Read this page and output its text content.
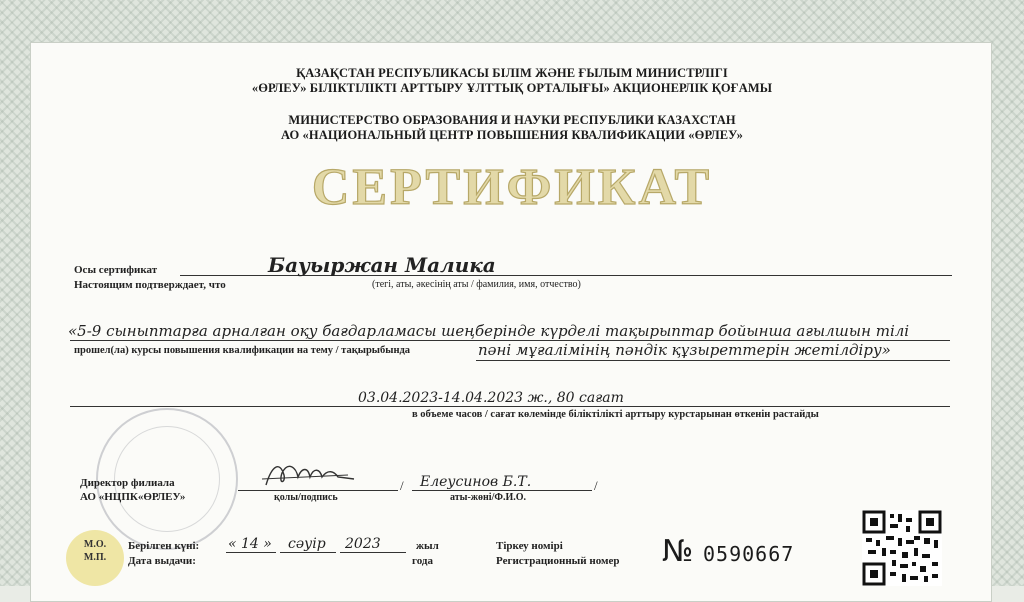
ҚАЗАҚСТАН РЕСПУБЛИКАСЫ БІЛІМ ЖӘНЕ ҒЫЛЫМ МИНИСТРЛІГІ
«ӨРЛЕУ» БІЛІКТІЛІКТІ АРТТЫРУ ҰЛТТЫҚ ОРТАЛЫҒЫ» АКЦИОНЕРЛІК ҚОҒАМЫ
МИНИСТЕРСТВО ОБРАЗОВАНИЯ И НАУКИ РЕСПУБЛИКИ КАЗАХСТАН
АО «НАЦИОНАЛЬНЫЙ ЦЕНТР ПОВЫШЕНИЯ КВАЛИФИКАЦИИ «ӨРЛЕУ»
СЕРТИФИКАТ
Осы сертификат	Бауыржан Малика
Настоящим подтверждает, что	(тегі, аты, әкесінің аты / фамилия, имя, отчество)
«5-9 сыныптарға арналған оқу бағдарламасы шеңберінде күрделі тақырыптар бойынша ағылшын тілі
прошел(ла) курсы повышения квалификации на тему / тақырыбында	пәні мұғалімінің пәндік құзыреттерін жетілдіру»
03.04.2023-14.04.2023 ж., 80 сағат
в объеме часов / сағат көлемінде біліктілікті арттыру курстарынан өткенін растайды
Директор филиала
АО «НЦПК«ӨРЛЕУ»
/
қолы/подпись
Елеусинов Б.Т.	/
аты-жөні/Ф.И.О.
М.О.
М.П.
Берілген күні:
Дата выдачи:
« 14 » сәуір 2023	жыл
года
Тіркеу номірі
Регистрационный номер № 0590667
